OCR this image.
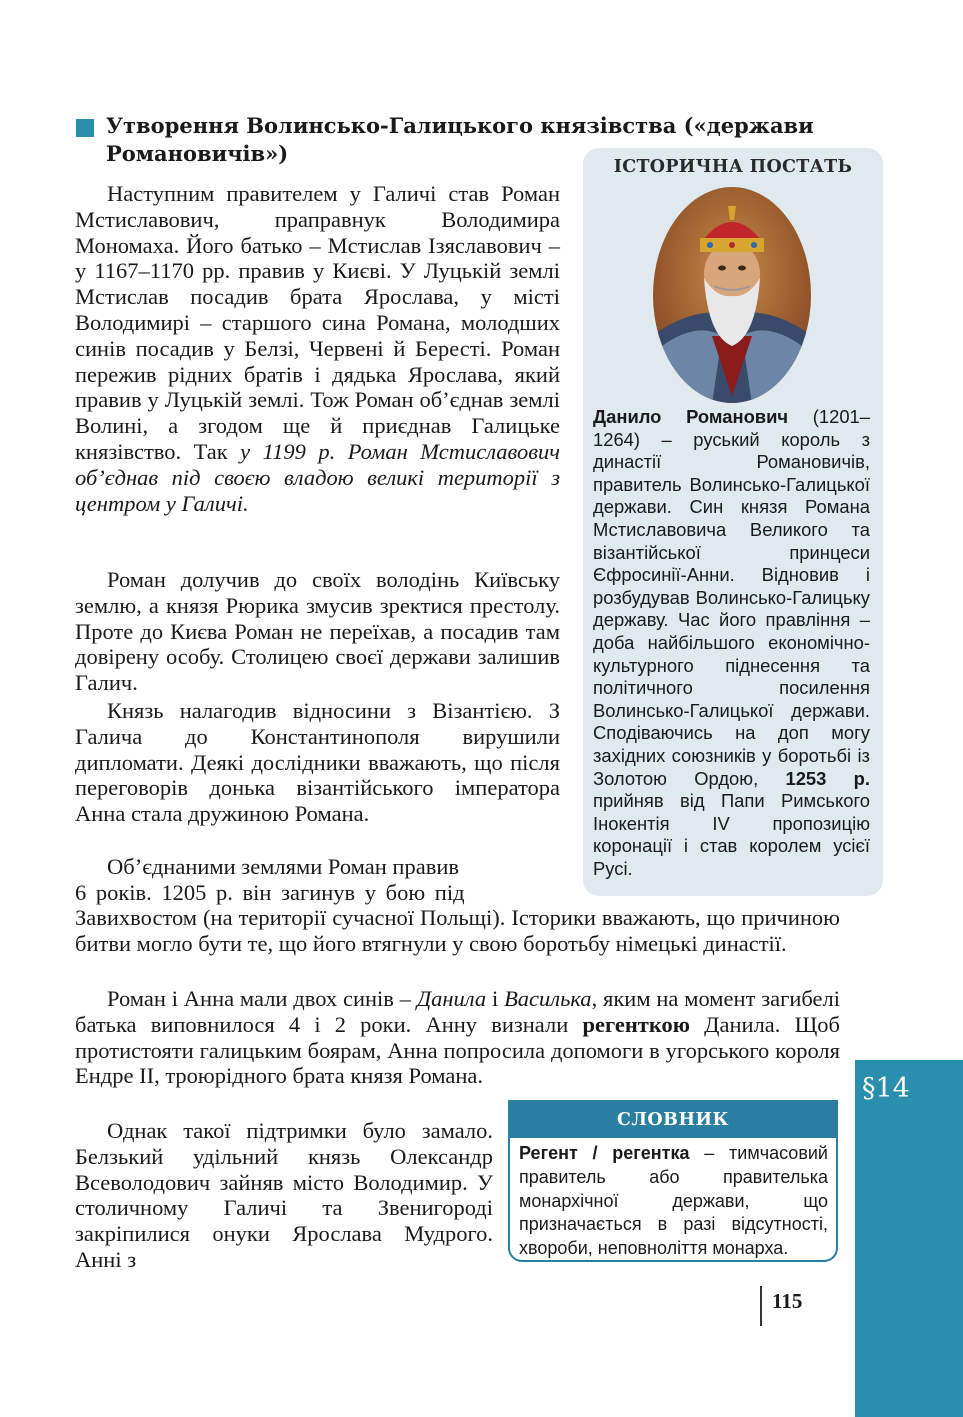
Утворення Волинсько-Галицького князівства («держави
Романовичів»)

Наступним правителем у Галичі став Роман Мстиславович, праправнук Володимира Мономаха. Його батько – Мстислав Ізяславович – у 1167–1170 рр. правив у Києві. У Луцькій землі Мстислав посадив брата Ярослава, у місті Володимирі – старшого сина Романа, молодших синів посадив у Белзі, Червені й Бересті. Роман пережив рідних братів і дядька Ярослава, який правив у Луцькій землі. Тож Роман об’єднав землі Волині, а згодом ще й приєднав Галицьке князівство. Так у 1199 р. Роман Мстиславович об’єднав під своєю владою великі території з центром у Галичі.

Роман долучив до своїх володінь Київську землю, а князя Рюрика змусив зректися престолу. Проте до Києва Роман не переїхав, а посадив там довірену особу. Столицею своєї держави залишив Галич.

Князь налагодив відносини з Візантією. З Галича до Константинополя вирушили дипломати. Деякі дослідники вважають, що після переговорів донька візантійського імператора Анна стала дружиною Романа.

Об’єднаними землями Роман правив

6 років. 1205 р. він загинув у бою під
Завихвостом (на території сучасної Польщі). Історики вважають, що причиною битви могло бути те, що його втягнули у свою боротьбу німецькі династії.

Роман і Анна мали двох синів – Данила і Василька, яким на момент загибелі батька виповнилося 4 і 2 роки. Анну визнали регенткою Данила. Щоб протистояти галицьким боярам, Анна попросила допомоги в угорського короля Ендре ІІ, троюрідного брата князя Романа.

Однак такої підтримки було замало. Белзький удільний князь Олександр Всеволодович зайняв місто Володимир. У столичному Галичі та Звенигороді закріпилися онуки Ярослава Мудрого. Анні з

ІСТОРИЧНА ПОСТАТЬ
Данило Романович (1201–1264) – руський король з династії Романовичів, правитель Волинсько-Галицької держави. Син князя Романа Мстиславовича Великого та візантійської принцеси Єфросинії-Анни. Відновив і розбудував Волинсько-Галицьку державу. Час його правління – доба найбільшого економічно-культурного піднесення та політичного посилення Волинсько-Галицької держави. Сподіваючись на доп могу західних союзників у боротьбі із Золотою Ордою, 1253 р. прийняв від Папи Римського Інокентія IV пропозицію коронації і став королем усієї Русі.
СЛОВНИК
Регент / регентка – тимчасовий правитель або правителька монархічної держави, що призначається в разі відсутності, хвороби, неповноліття монарха.
§14
115
